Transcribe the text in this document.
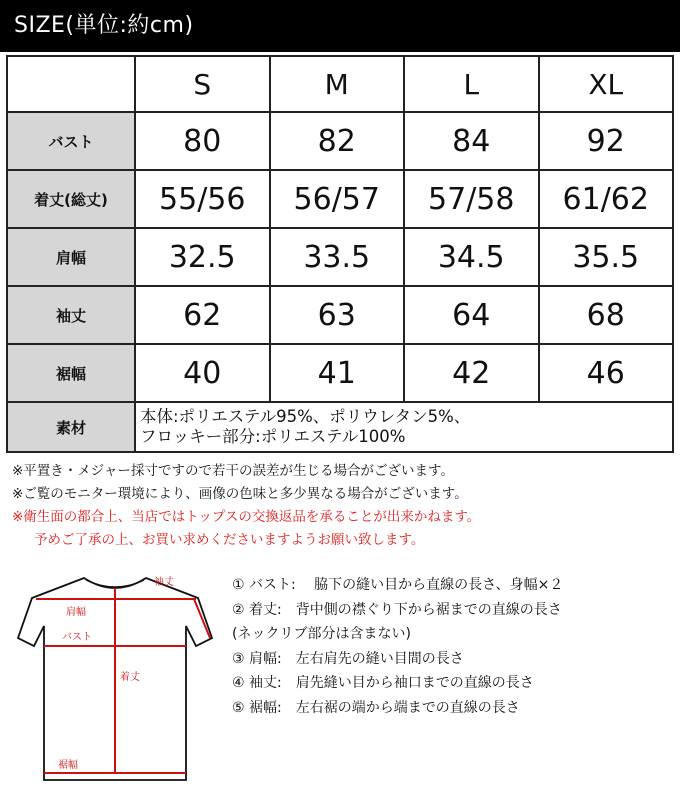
SIZE(単位:約cm)
	S	M	L	XL
バスト	80	82	84	92
着丈(総丈)	55/56	56/57	57/58	61/62
肩幅	32.5	33.5	34.5	35.5
袖丈	62	63	64	68
裾幅	40	41	42	46
素材	本体:ポリエステル95%、ポリウレタン5%、
フロッキー部分:ポリエステル100%			
※平置き・メジャー採寸ですので若干の誤差が生じる場合がございます。
※ご覧のモニター環境により、画像の色味と多少異なる場合がございます。
※衛生面の都合上、当店ではトップスの交換返品を承ることが出来かねます。
予めご了承の上、お買い求めくださいますようお願い致します。
袖丈
肩幅
バスト
着丈
裾幅
① バスト:　 脇下の縫い目から直線の長さ、身幅×２
② 着丈:　背中側の襟ぐり下から裾までの直線の長さ
(ネックリブ部分は含まない)
③ 肩幅:　左右肩先の縫い目間の長さ
④ 袖丈:　肩先縫い目から袖口までの直線の長さ
⑤ 裾幅:　左右裾の端から端までの直線の長さ
